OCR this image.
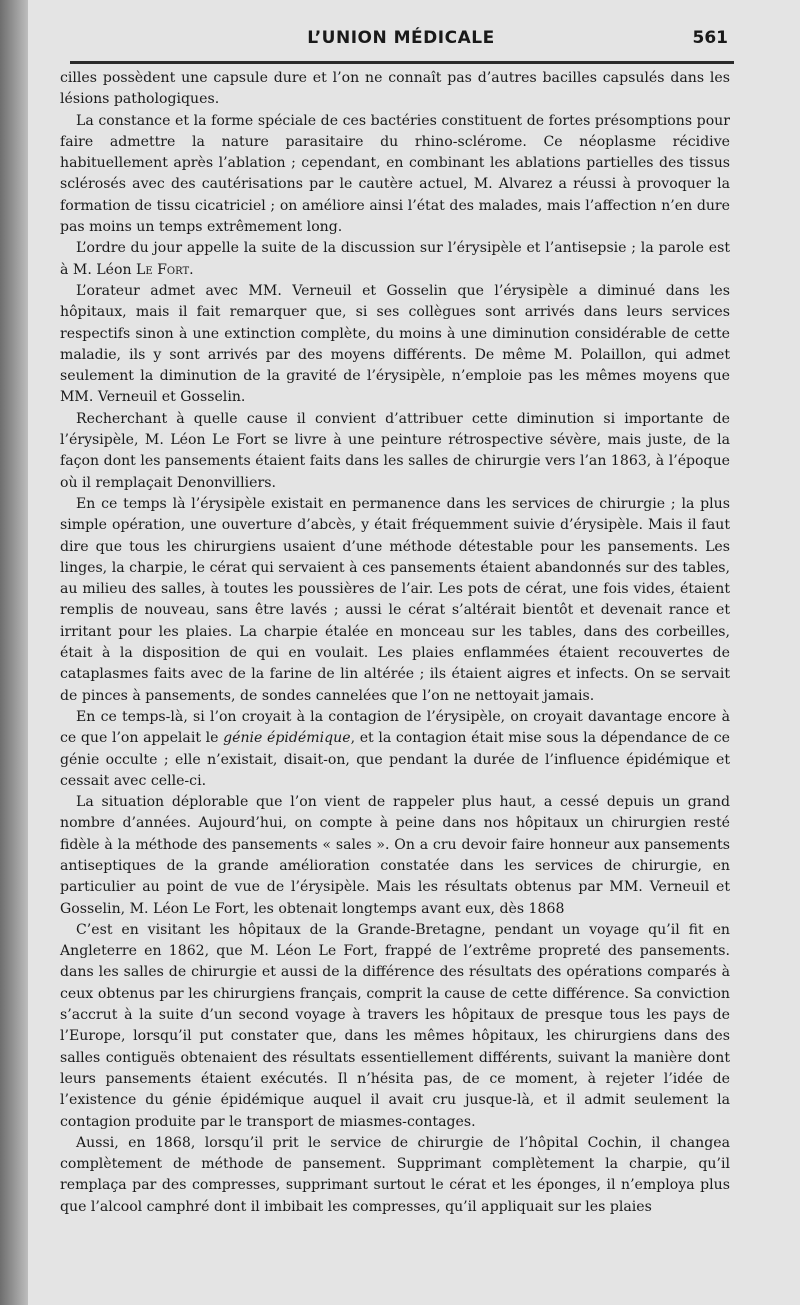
L’UNION MÉDICALE	561

cilles possèdent une capsule dure et l’on ne connaît pas d’autres bacilles capsulés dans les lésions pathologiques.

La constance et la forme spéciale de ces bactéries constituent de fortes présomptions pour faire admettre la nature parasitaire du rhino-sclérome. Ce néoplasme récidive habituellement après l’ablation ; cependant, en combinant les ablations partielles des tissus sclérosés avec des cautérisations par le cautère actuel, M. Alvarez a réussi à provoquer la formation de tissu cicatriciel ; on améliore ainsi l’état des malades, mais l’affection n’en dure pas moins un temps extrêmement long.

L’ordre du jour appelle la suite de la discussion sur l’érysipèle et l’antisepsie ; la parole est à M. Léon Le Fort.

L’orateur admet avec MM. Verneuil et Gosselin que l’érysipèle a diminué dans les hôpitaux, mais il fait remarquer que, si ses collègues sont arrivés dans leurs services respectifs sinon à une extinction complète, du moins à une diminution considérable de cette maladie, ils y sont arrivés par des moyens différents. De même M. Polaillon, qui admet seulement la diminution de la gravité de l’érysipèle, n’emploie pas les mêmes moyens que MM. Verneuil et Gosselin.

Recherchant à quelle cause il convient d’attribuer cette diminution si importante de l’érysipèle, M. Léon Le Fort se livre à une peinture rétrospective sévère, mais juste, de la façon dont les pansements étaient faits dans les salles de chirurgie vers l’an 1863, à l’époque où il remplaçait Denonvilliers.

En ce temps là l’érysipèle existait en permanence dans les services de chirurgie ; la plus simple opération, une ouverture d’abcès, y était fréquemment suivie d’érysipèle. Mais il faut dire que tous les chirurgiens usaient d’une méthode détestable pour les pansements. Les linges, la charpie, le cérat qui servaient à ces pansements étaient abandonnés sur des tables, au milieu des salles, à toutes les poussières de l’air. Les pots de cérat, une fois vides, étaient remplis de nouveau, sans être lavés ; aussi le cérat s’altérait bientôt et devenait rance et irritant pour les plaies. La charpie étalée en monceau sur les tables, dans des corbeilles, était à la disposition de qui en voulait. Les plaies enflammées étaient recouvertes de cataplasmes faits avec de la farine de lin altérée ; ils étaient aigres et infects. On se servait de pinces à pansements, de sondes cannelées que l’on ne nettoyait jamais.

En ce temps-là, si l’on croyait à la contagion de l’érysipèle, on croyait davantage encore à ce que l’on appelait le génie épidémique, et la contagion était mise sous la dépendance de ce génie occulte ; elle n’existait, disait-on, que pendant la durée de l’influence épidémique et cessait avec celle-ci.

La situation déplorable que l’on vient de rappeler plus haut, a cessé depuis un grand nombre d’années. Aujourd’hui, on compte à peine dans nos hôpitaux un chirurgien resté fidèle à la méthode des pansements « sales ». On a cru devoir faire honneur aux pansements antiseptiques de la grande amélioration constatée dans les services de chirurgie, en particulier au point de vue de l’érysipèle. Mais les résultats obtenus par MM. Verneuil et Gosselin, M. Léon Le Fort, les obtenait longtemps avant eux, dès 1868

C’est en visitant les hôpitaux de la Grande-Bretagne, pendant un voyage qu’il fit en Angleterre en 1862, que M. Léon Le Fort, frappé de l’extrême propreté des pansements. dans les salles de chirurgie et aussi de la différence des résultats des opérations comparés à ceux obtenus par les chirurgiens français, comprit la cause de cette différence. Sa conviction s’accrut à la suite d’un second voyage à travers les hôpitaux de presque tous les pays de l’Europe, lorsqu’il put constater que, dans les mêmes hôpitaux, les chirurgiens dans des salles contiguës obtenaient des résultats essentiellement différents, suivant la manière dont leurs pansements étaient exécutés. Il n’hésita pas, de ce moment, à rejeter l’idée de l’existence du génie épidémique auquel il avait cru jusque-là, et il admit seulement la contagion produite par le transport de miasmes-contages.

Aussi, en 1868, lorsqu’il prit le service de chirurgie de l’hôpital Cochin, il changea complètement de méthode de pansement. Supprimant complètement la charpie, qu’il remplaça par des compresses, supprimant surtout le cérat et les éponges, il n’employa plus que l’alcool camphré dont il imbibait les compresses, qu’il appliquait sur les plaies
